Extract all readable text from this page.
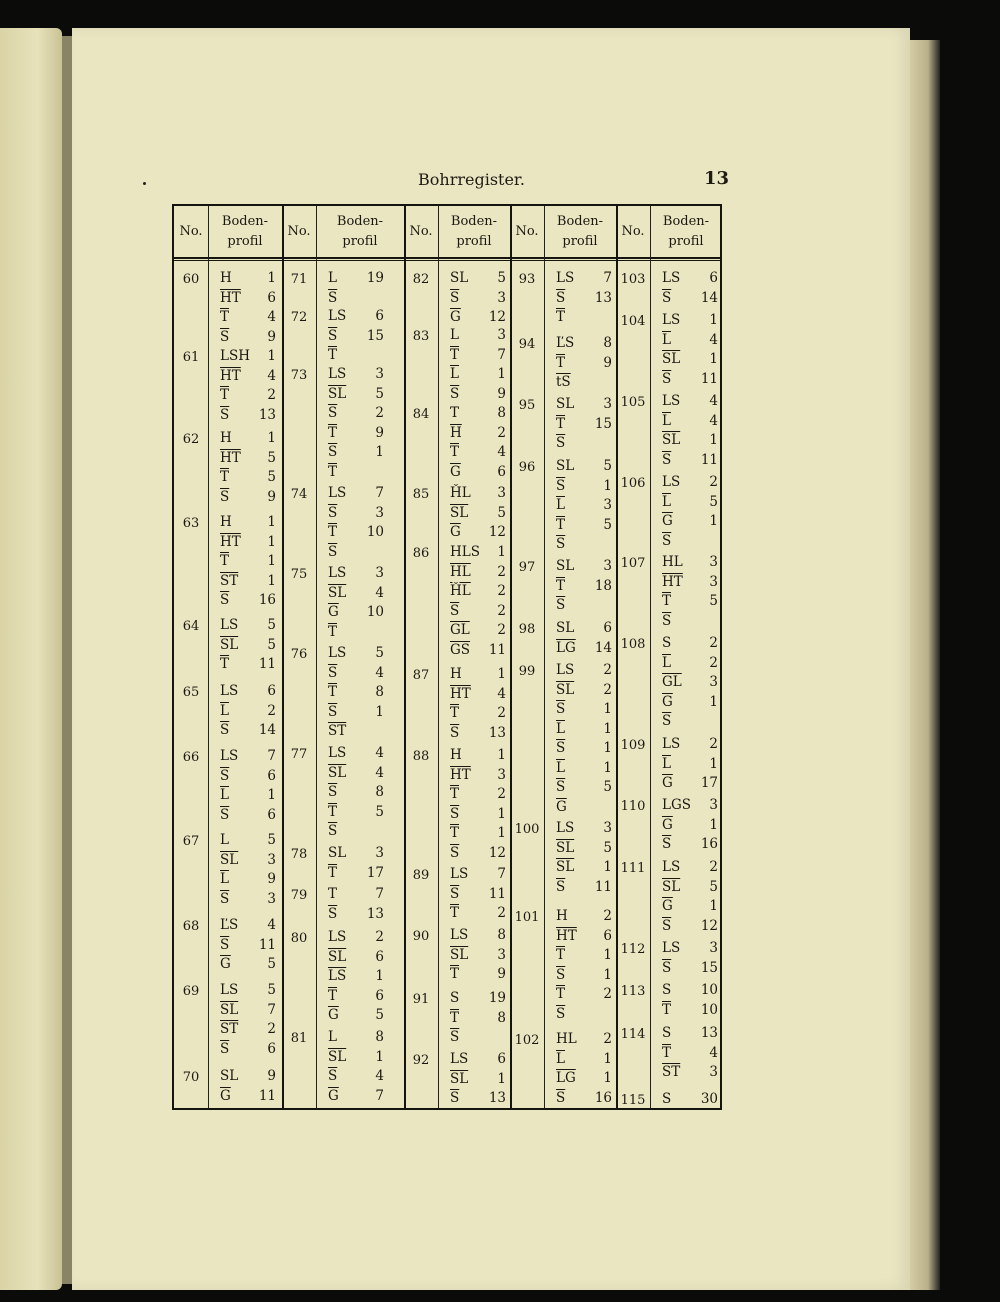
Bohrregister.	13
No.
Boden-
profil
No.
Boden-
profil
No.
Boden-
profil
No.
Boden-
profil
No.
Boden-
profil
60	H	1
$\overline{HT}$ 6
$\overline{T}$	4
$\overline{S}$	9
61	LSH 1
$\overline{HT}$ 4
$\overline{T}$	2
$\overline{S}$ 13
62	H	1
$\overline{HT}$ 5
$\overline{T}$	5
$\overline{S}$	9
63	H	1
$\overline{HT}$ 1
$\overline{T}$	1
$\overline{ST}$ 1
$\overline{S}$ 16
64	LS 5
$\overline{SL}$ 5
$\overline{T}$ 11
65	LS 6
$\overline{L}$	2
$\overline{S}$ 14
66	LS 7
$\overline{S}$	6
$\overline{L}$	1
$\overline{S}$	6
67	L	5
$\overline{SL}$ 3
$\overline{L}$	9
$\overline{S}$	3
68	ĽS 4
$\overline{S}$ 11
$\overline{G}$	5
69	LS 5
$\overline{SL}$ 7
$\overline{ST}$ 2
$\overline{S}$	6
70	SL 9
$\overline{G}$ 11
71	L 19
$\overline{S}$
72	LS 6
$\overline{S}$ 15
$\overline{T}$
73	LS 3
$\overline{SL}$ 5
$\overline{S}$	2
$\overline{T}$	9
$\overline{S}$	1
$\overline{T}$
74	LS 7
$\overline{S}$	3
$\overline{T}$ 10
$\overline{S}$
75	LS 3
$\overline{SL}$ 4
$\overline{G}$ 10
$\overline{T}$
76	LS 5
$\overline{S}$	4
$\overline{T}$	8
$\overline{S}$	1
$\overline{ST}$
77	LS 4
$\overline{SL}$ 4
$\overline{S}$	8
$\overline{T}$	5
$\overline{S}$
78	SL 3
$\overline{T}$ 17
79	T	7
$\overline{S}$ 13
80	LS 2
$\overline{SL}$ 6
$\overline{LS}$ 1
$\overline{T}$	6
$\overline{G}$	5
81	L	8
$\overline{SL}$ 1
$\overline{S}$	4
$\overline{G}$	7
82	SL 5
$\overline{S}$	3
$\overline{G}$ 12
83	L	3
$\overline{T}$	7
$\overline{L}$	1
$\overline{S}$	9
84	T	8
$\overline{H}$	2
$\overline{T}$	4
$\overline{G}$	6
85	ȞL 3
$\overline{SL}$ 5
$\overline{G}$ 12
86	HLS 1
$\overline{HL}$ 2
$\overline{ȞL}$ 2
$\overline{S}$	2
$\overline{GL}$ 2
$\overline{GS}$ 11
87	H	1
$\overline{HT}$ 4
$\overline{T}$	2
$\overline{S}$ 13
88	H	1
$\overline{HT}$ 3
$\overline{T}$	2
$\overline{S}$	1
$\overline{T}$	1
$\overline{S}$ 12
89	LS 7
$\overline{S}$ 11
$\overline{T}$	2
90	LS 8
$\overline{SL}$ 3
$\overline{T}$	9
91	S 19
$\overline{T}$	8
$\overline{S}$
92	LS 6
$\overline{SL}$ 1
$\overline{S}$ 13
93	LS 7
$\overline{S}$ 13
$\overline{T}$
94	ĽS 8
$\overline{T}$	9
$\overline{tS}$
95	SL 3
$\overline{T}$ 15
$\overline{S}$
96	SL 5
$\overline{S}$	1
$\overline{L}$	3
$\overline{T}$	5
$\overline{S}$
97	SL 3
$\overline{T}$ 18
$\overline{S}$
98	SL 6
$\overline{LG}$ 14
99	LS 2
$\overline{SL}$ 2
$\overline{S}$	1
$\overline{L}$	1
$\overline{S}$	1
$\overline{L}$	1
$\overline{S}$	5
$\overline{G}$
100	LS 3
$\overline{SL}$ 5
$\overline{SL}$ 1
$\overline{S}$ 11
101	H	2
$\overline{HT}$ 6
$\overline{T}$	1
$\overline{S}$	1
$\overline{T}$	2
$\overline{S}$
102	HL 2
$\overline{L}$	1
$\overline{LG}$ 1
$\overline{S}$ 16
103	LS 6
$\overline{S}$ 14
104	LS 1
$\overline{L}$	4
$\overline{SL}$ 1
$\overline{S}$ 11
105	LS 4
$\overline{L}$	4
$\overline{SL}$ 1
$\overline{S}$ 11
106	LS 2
$\overline{L}$	5
$\overline{G}$	1
$\overline{S}$
107	HL 3
$\overline{HT}$ 3
$\overline{T}$	5
$\overline{S}$
108	S	2
$\overline{L}$	2
$\overline{GL}$ 3
$\overline{G}$	1
$\overline{S}$
109	LS 2
$\overline{L}$	1
$\overline{G}$ 17
110	LGS 3
$\overline{G}$	1
$\overline{S}$ 16
111	LS 2
$\overline{SL}$ 5
$\overline{G}$	1
$\overline{S}$ 12
112	LS 3
$\overline{S}$ 15
113	S 10
$\overline{T}$ 10
114	S 13
$\overline{T}$	4
$\overline{ST}$ 3
115	S 30
